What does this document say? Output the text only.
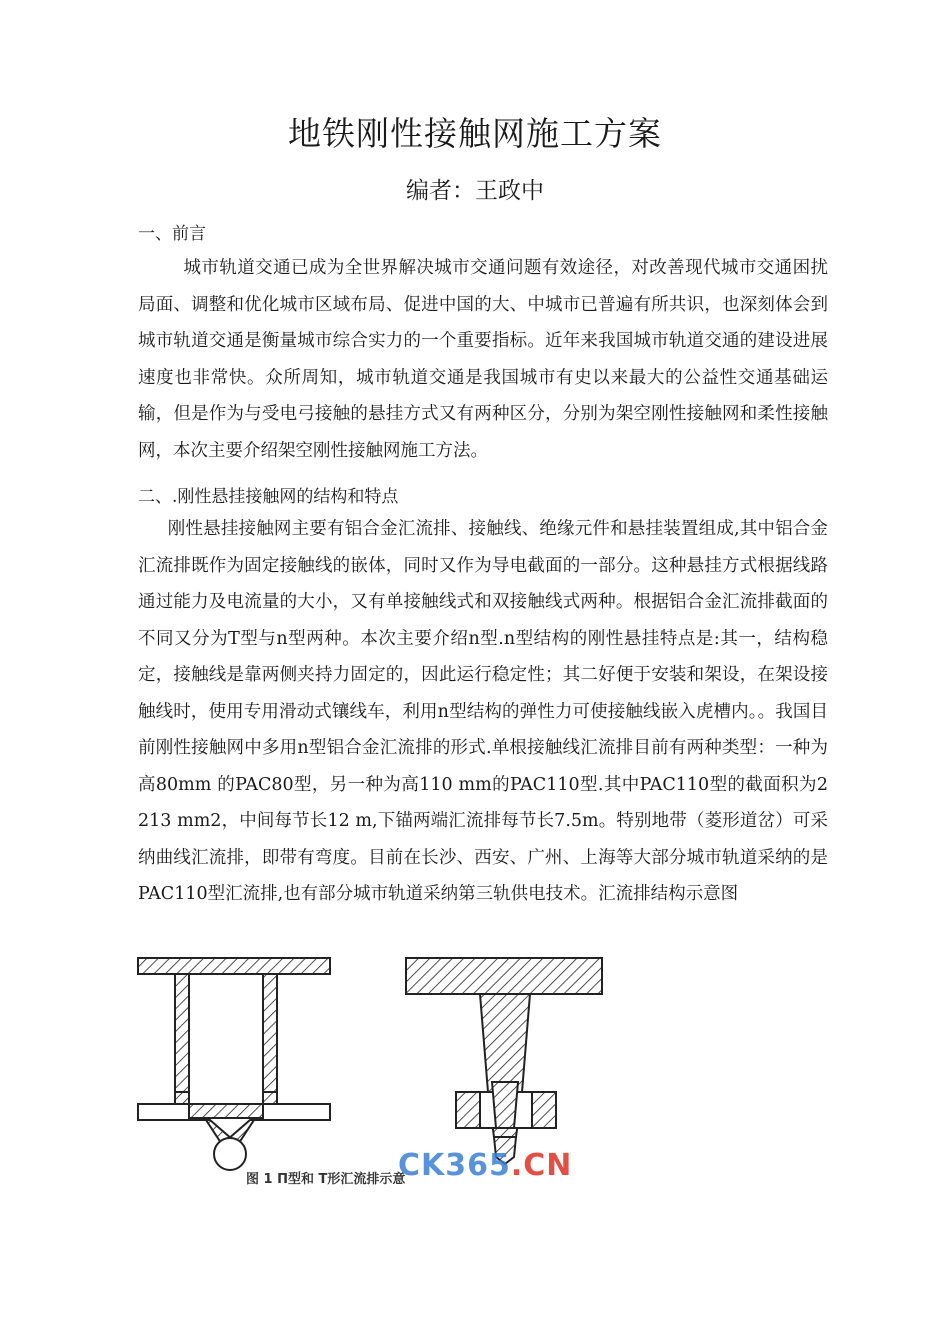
地铁刚性接触网施工方案
编者：王政中
一、前言

城市轨道交通已成为全世界解决城市交通问题有效途径，对改善现代城市交通困扰局面、调整和优化城市区域布局、促进中国的大、中城市已普遍有所共识，也深刻体会到城市轨道交通是衡量城市综合实力的一个重要指标。近年来我国城市轨道交通的建设进展速度也非常快。众所周知，城市轨道交通是我国城市有史以来最大的公益性交通基础运输，但是作为与受电弓接触的悬挂方式又有两种区分，分别为架空刚性接触网和柔性接触网，本次主要介绍架空刚性接触网施工方法。

二、.刚性悬挂接触网的结构和特点

刚性悬挂接触网主要有铝合金汇流排、接触线、绝缘元件和悬挂装置组成,其中铝合金汇流排既作为固定接触线的嵌体，同时又作为导电截面的一部分。这种悬挂方式根据线路通过能力及电流量的大小，又有单接触线式和双接触线式两种。根据铝合金汇流排截面的不同又分为Τ型与n型两种。本次主要介绍n型.n型结构的刚性悬挂特点是:其一，结构稳定，接触线是靠两侧夹持力固定的，因此运行稳定性；其二好便于安装和架设，在架设接触线时，使用专用滑动式镶线车，利用n型结构的弹性力可使接触线嵌入虎槽内。。我国目前刚性接触网中多用n型铝合金汇流排的形式.单根接触线汇流排目前有两种类型：一种为高80mm 的PAC80型，另一种为高110 mm的PAC110型.其中PAC110型的截面积为2 213 mm2，中间每节长12 m,下锚两端汇流排每节长7.5m。特别地带（菱形道岔）可采纳曲线汇流排，即带有弯度。目前在长沙、西安、广州、上海等大部分城市轨道采纳的是PAC110型汇流排,也有部分城市轨道采纳第三轨供电技术。汇流排结构示意图

图 1 Π型和 T形汇流排示意
CK365.CN
